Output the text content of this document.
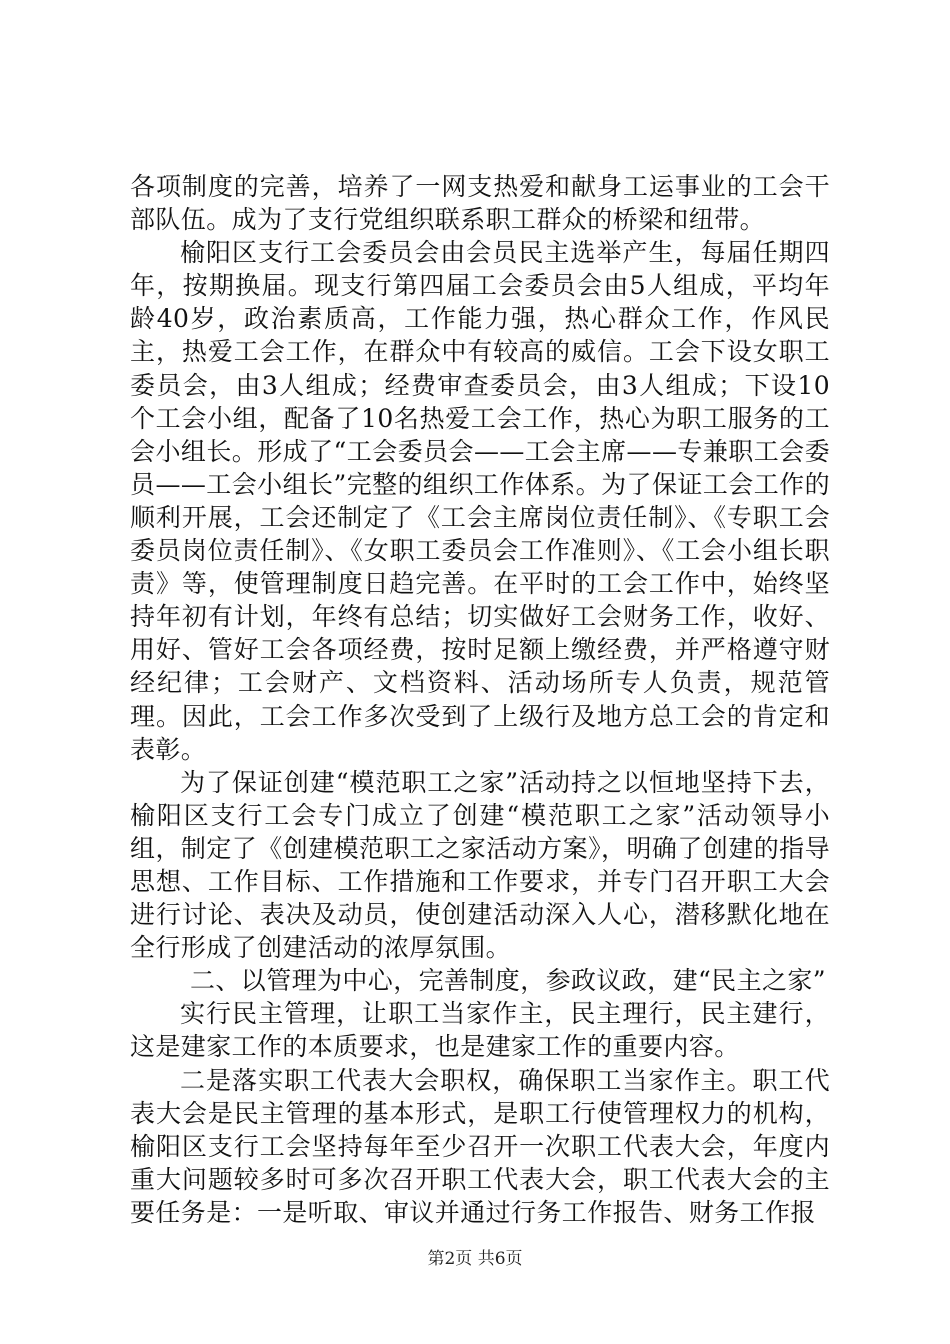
各项制度的完善，培养了一网支热爱和献身工运事业的工会干部队伍。成为了支行党组织联系职工群众的桥梁和纽带。

榆阳区支行工会委员会由会员民主选举产生，每届任期四年，按期换届。现支行第四届工会委员会由5人组成，平均年龄40岁，政治素质高，工作能力强，热心群众工作，作风民主，热爱工会工作，在群众中有较高的威信。工会下设女职工委员会，由3人组成；经费审查委员会，由3人组成；下设10个工会小组，配备了10名热爱工会工作，热心为职工服务的工会小组长。形成了“工会委员会——工会主席——专兼职工会委员——工会小组长”完整的组织工作体系。为了保证工会工作的顺利开展，工会还制定了《工会主席岗位责任制》、《专职工会委员岗位责任制》、《女职工委员会工作准则》、《工会小组长职责》等，使管理制度日趋完善。在平时的工会工作中，始终坚持年初有计划，年终有总结；切实做好工会财务工作，收好、用好、管好工会各项经费，按时足额上缴经费，并严格遵守财经纪律；工会财产、文档资料、活动场所专人负责，规范管理。因此，工会工作多次受到了上级行及地方总工会的肯定和表彰。

为了保证创建“模范职工之家”活动持之以恒地坚持下去，榆阳区支行工会专门成立了创建“模范职工之家”活动领导小组，制定了《创建模范职工之家活动方案》，明确了创建的指导思想、工作目标、工作措施和工作要求，并专门召开职工大会进行讨论、表决及动员，使创建活动深入人心，潜移默化地在全行形成了创建活动的浓厚氛围。

二、以管理为中心，完善制度，参政议政，建“民主之家”

实行民主管理，让职工当家作主，民主理行，民主建行，这是建家工作的本质要求，也是建家工作的重要内容。

二是落实职工代表大会职权，确保职工当家作主。职工代表大会是民主管理的基本形式，是职工行使管理权力的机构，榆阳区支行工会坚持每年至少召开一次职工代表大会，年度内重大问题较多时可多次召开职工代表大会，职工代表大会的主要任务是：一是听取、审议并通过行务工作报告、财务工作报

第2页 共6页
